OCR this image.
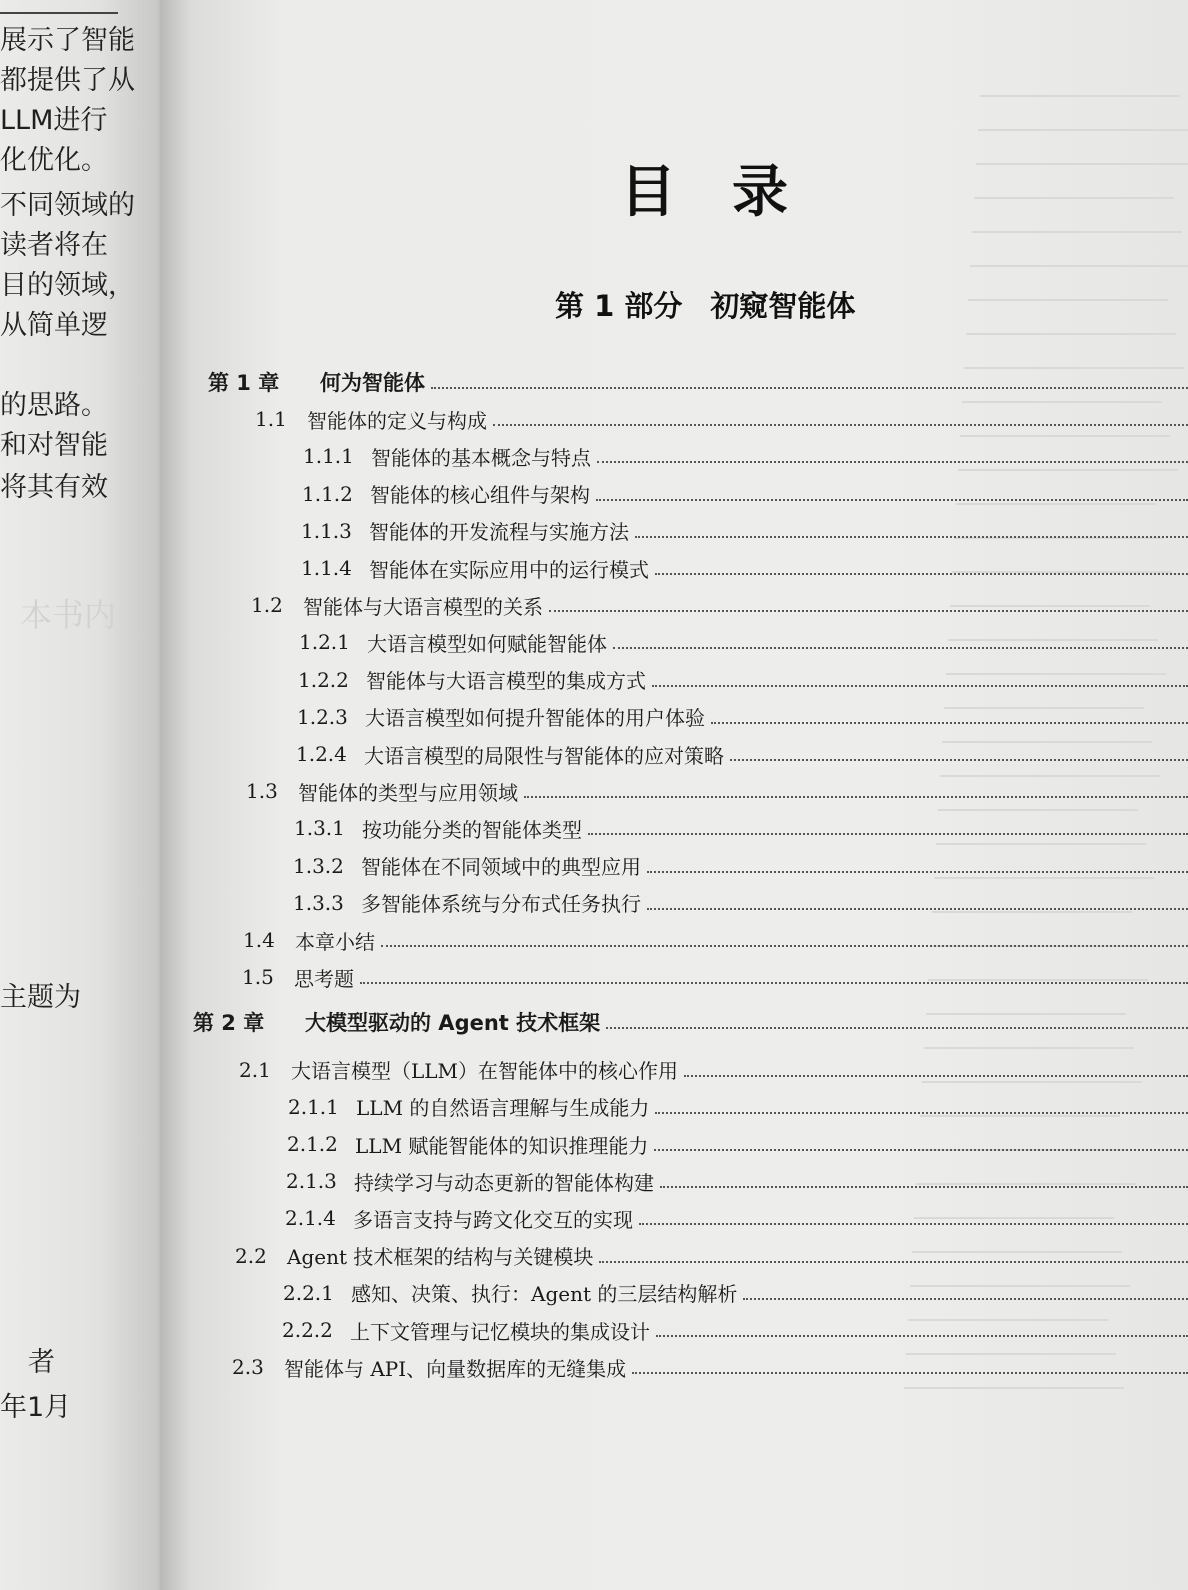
展示了智能
都提供了从
LLM进行
化优化。
不同领域的
读者将在
目的领域，
从简单逻
的思路。
和对智能
将其有效
本书内
主题为
者
年1月
目录
第 1 部分 初窥智能体
第 1 章	何为智能体
1.1	智能体的定义与构成
1.1.1 智能体的基本概念与特点
1.1.2 智能体的核心组件与架构
1.1.3 智能体的开发流程与实施方法
1.1.4 智能体在实际应用中的运行模式
1.2	智能体与大语言模型的关系
1.2.1 大语言模型如何赋能智能体
1.2.2 智能体与大语言模型的集成方式
1.2.3 大语言模型如何提升智能体的用户体验
1.2.4 大语言模型的局限性与智能体的应对策略
1.3	智能体的类型与应用领域
1.3.1 按功能分类的智能体类型
1.3.2 智能体在不同领域中的典型应用
1.3.3 多智能体系统与分布式任务执行
1.4	本章小结
1.5	思考题
第 2 章	大模型驱动的 Agent 技术框架
2.1	大语言模型（LLM）在智能体中的核心作用
2.1.1 LLM 的自然语言理解与生成能力
2.1.2 LLM 赋能智能体的知识推理能力
2.1.3 持续学习与动态更新的智能体构建
2.1.4 多语言支持与跨文化交互的实现
2.2	Agent 技术框架的结构与关键模块
2.2.1 感知、决策、执行：Agent 的三层结构解析
2.2.2 上下文管理与记忆模块的集成设计
2.3	智能体与 API、向量数据库的无缝集成
